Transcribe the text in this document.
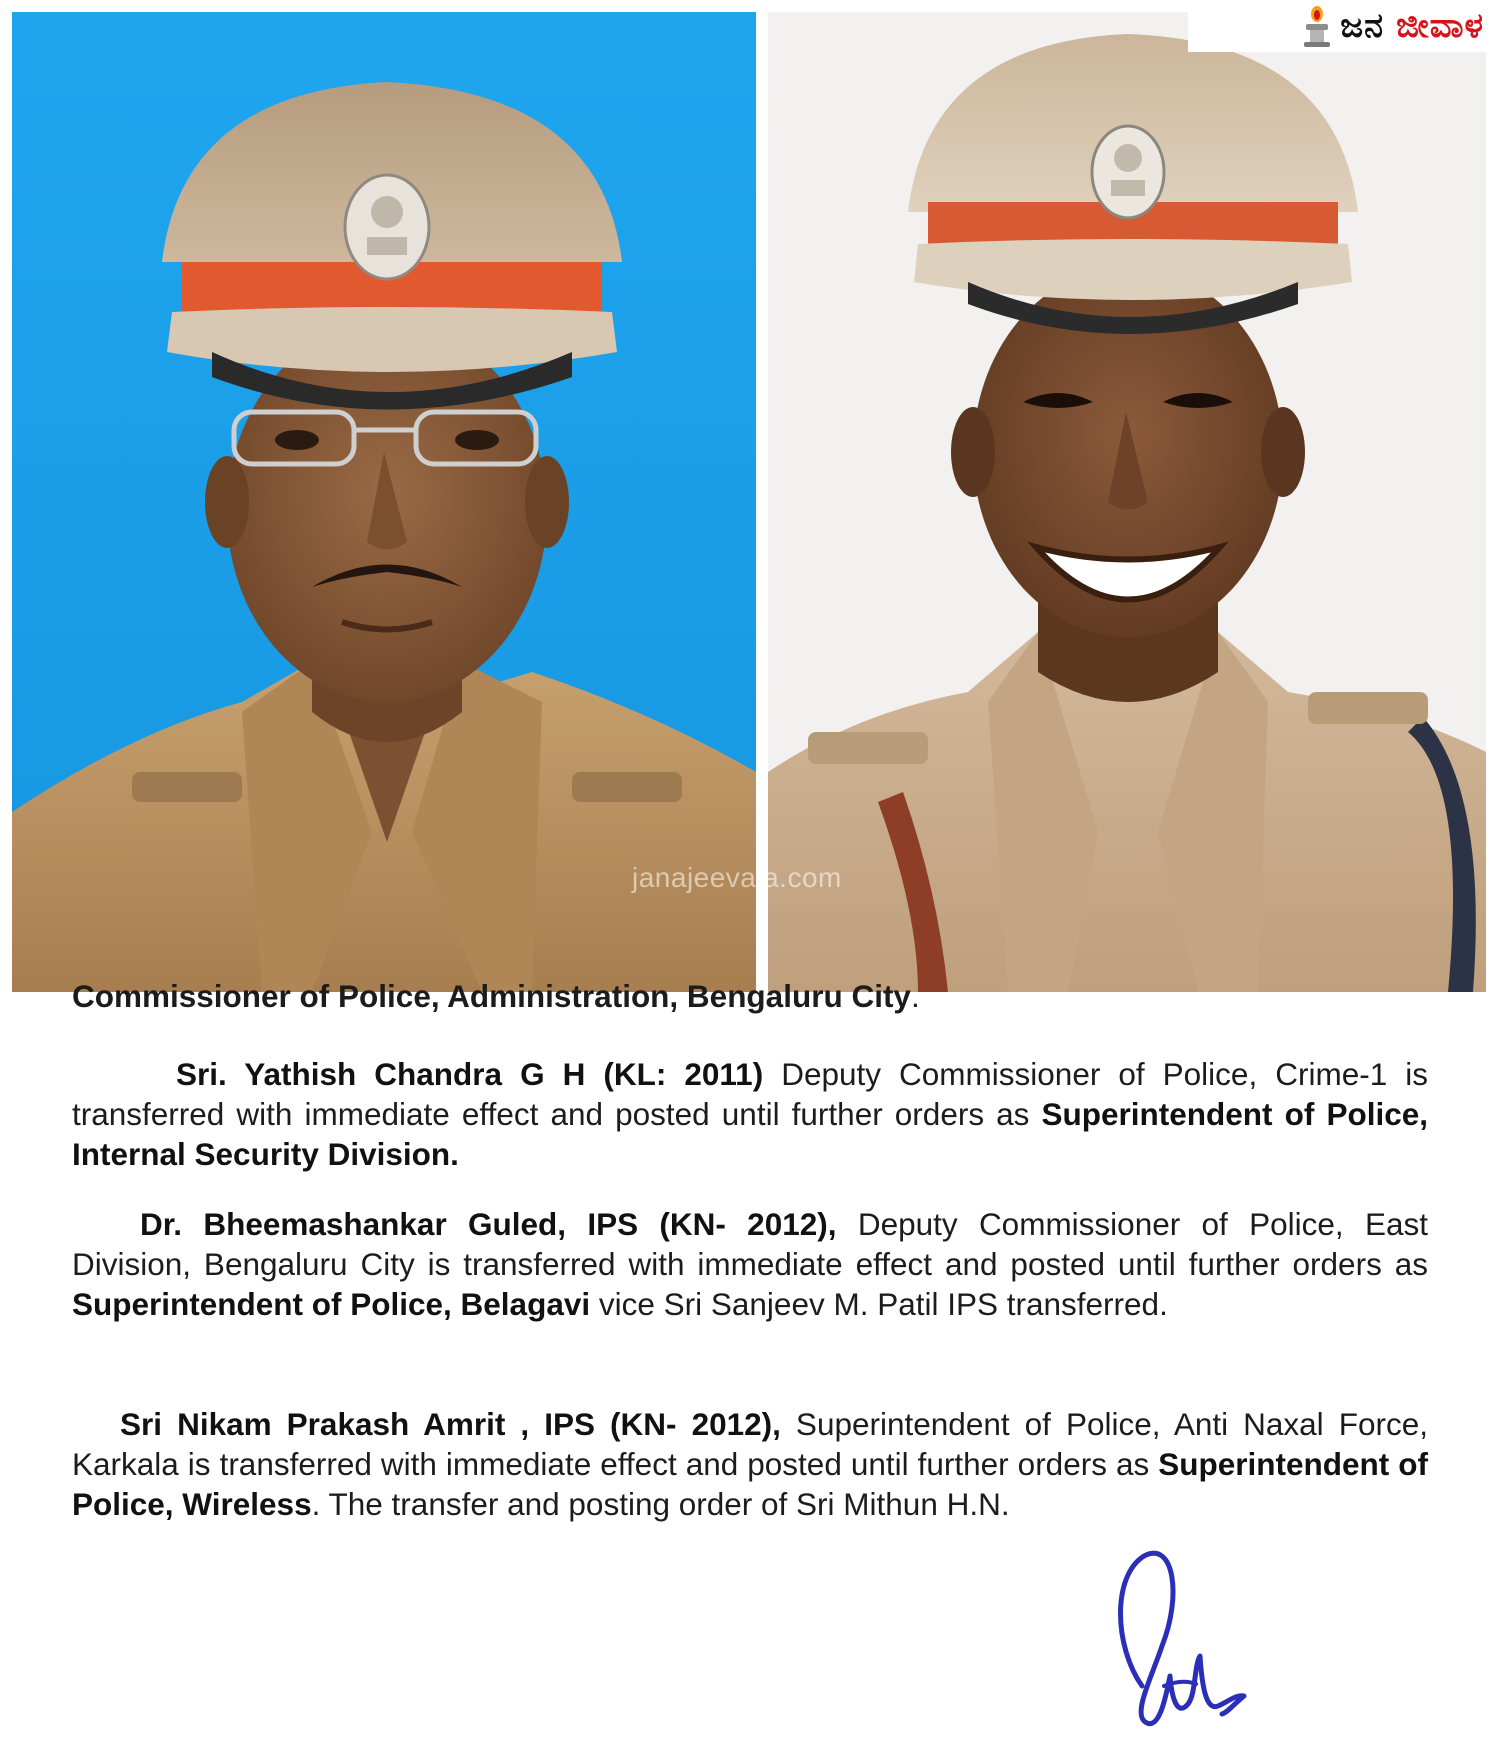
ಜನ ಜೀವಾಳ
janajeevala.com
Commissioner of Police, Administration, Bengaluru City.
Sri. Yathish Chandra G H (KL: 2011) Deputy Commissioner of Police, Crime-1 is transferred with immediate effect and posted until further orders as Superintendent of Police, Internal Security Division.
Dr. Bheemashankar Guled, IPS (KN- 2012), Deputy Commissioner of Police, East Division, Bengaluru City is transferred with immediate effect and posted until further orders as Superintendent of Police, Belagavi vice Sri Sanjeev M. Patil IPS transferred.
Sri Nikam Prakash Amrit , IPS (KN- 2012), Superintendent of Police, Anti Naxal Force, Karkala is transferred with immediate effect and posted until further orders as Superintendent of Police, Wireless. The transfer and posting order of Sri Mithun H.N.
